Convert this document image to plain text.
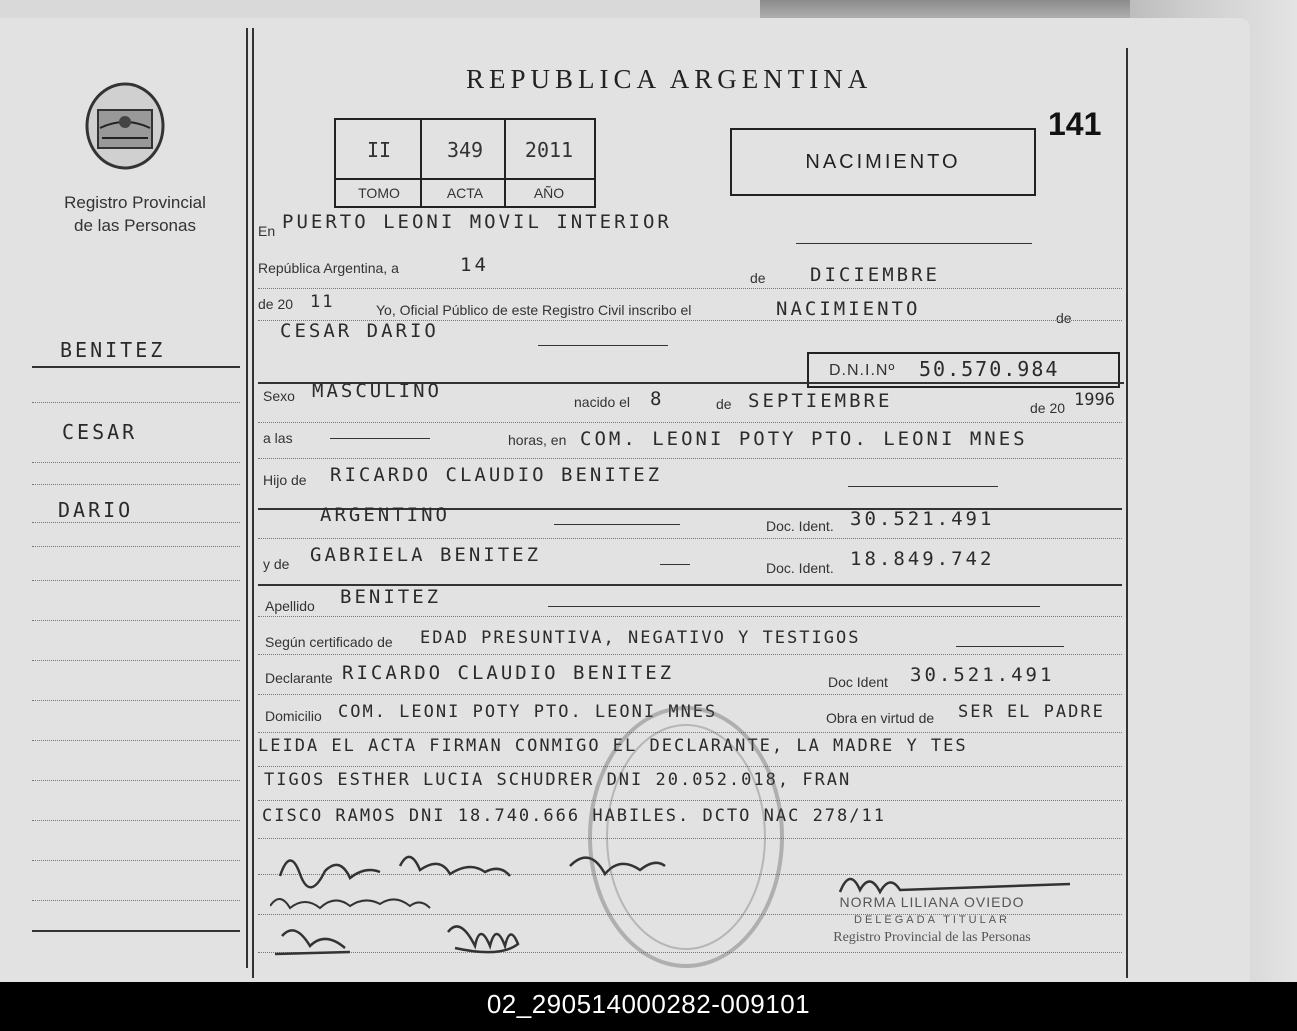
Registro Provincial
de las Personas
BENITEZ
CESAR
DARIO
REPUBLICA ARGENTINA
141
II	349	2011
TOMO	ACTA	AÑO
NACIMIENTO
En PUERTO LEONI MOVIL INTERIOR
República Argentina, a	14
de DICIEMBRE
de 20 11	Yo, Oficial Público de este Registro Civil inscribo el	NACIMIENTO	de
CESAR DARIO
D.N.I.Nº 50.570.984
Sexo MASCULINO	nacido el 8	de SEPTIEMBRE	de 20 1996
a las	horas, en COM. LEONI POTY PTO. LEONI MNES
Hijo de RICARDO CLAUDIO BENITEZ
ARGENTINO	Doc. Ident. 30.521.491
y de GABRIELA BENITEZ
Doc. Ident. 18.849.742
Apellido BENITEZ
Según certificado de EDAD PRESUNTIVA, NEGATIVO Y TESTIGOS
Declarante RICARDO CLAUDIO BENITEZ	Doc Ident 30.521.491
Domicilio COM. LEONI POTY PTO. LEONI MNES	Obra en virtud de SER EL PADRE
LEIDA EL ACTA FIRMAN CONMIGO EL DECLARANTE, LA MADRE Y TES
TIGOS ESTHER LUCIA SCHUDRER DNI 20.052.018, FRAN
CISCO RAMOS DNI 18.740.666 HABILES. DCTO NAC 278/11
NORMA LILIANA OVIEDO
DELEGADA TITULAR
Registro Provincial de las Personas
02_290514000282-009101
